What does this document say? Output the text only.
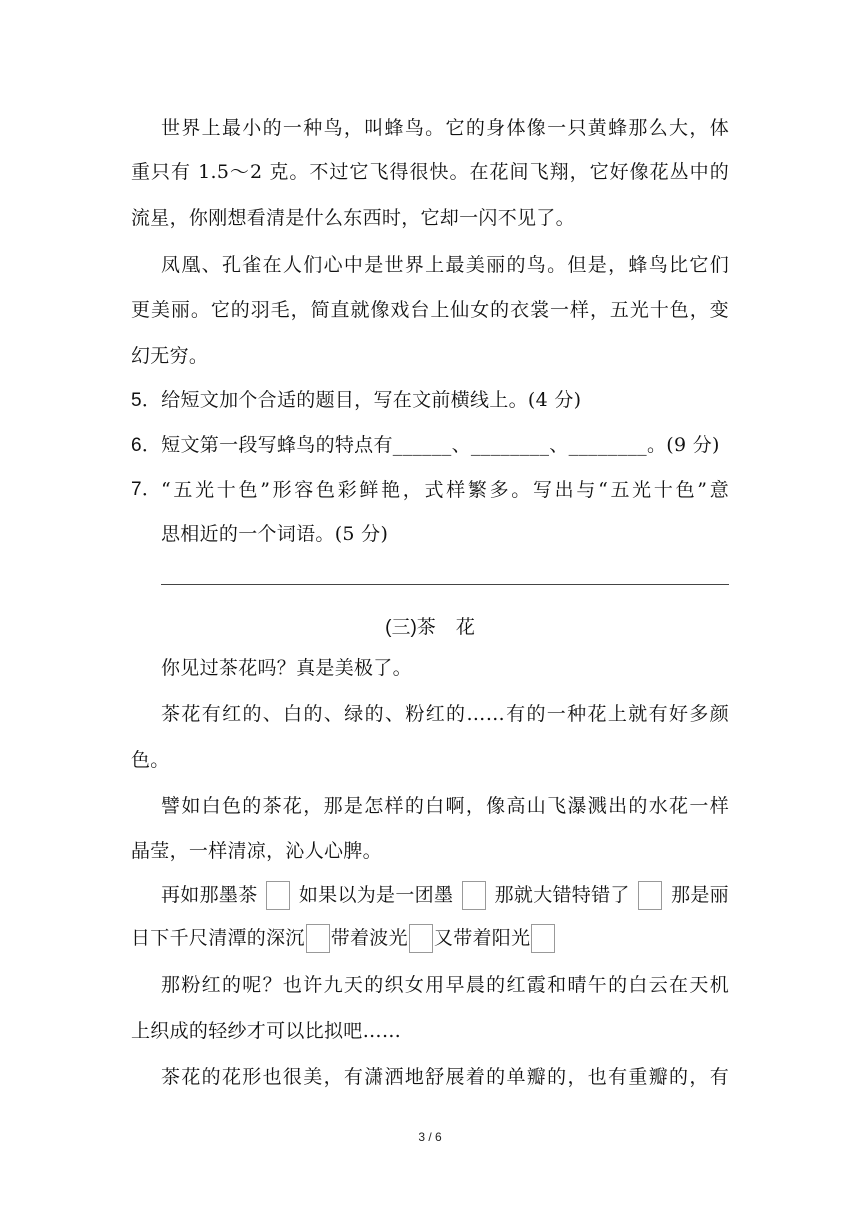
世界上最小的一种鸟，叫蜂鸟。它的身体像一只黄蜂那么大，体
重只有 1.5～2 克。不过它飞得很快。在花间飞翔，它好像花丛中的
流星，你刚想看清是什么东西时，它却一闪不见了。
凤凰、孔雀在人们心中是世界上最美丽的鸟。但是，蜂鸟比它们
更美丽。它的羽毛，简直就像戏台上仙女的衣裳一样，五光十色，变
幻无穷。
5．给短文加个合适的题目，写在文前横线上。(4 分)
6．短文第一段写蜂鸟的特点有______、________、________。(9 分)
7． “五光十色”形容色彩鲜艳，式样繁多。写出与“五光十色”意
思相近的一个词语。(5 分)
(三)茶 花
你见过茶花吗？真是美极了。
茶花有红的、白的、绿的、粉红的……有的一种花上就有好多颜
色。
譬如白色的茶花，那是怎样的白啊，像高山飞瀑溅出的水花一样
晶莹，一样清凉，沁人心脾。
再如那墨茶 如果以为是一团墨 那就大错特错了 那是丽
日下千尺清潭的深沉 带着波光 又带着阳光
那粉红的呢？也许九天的织女用早晨的红霞和晴午的白云在天机
上织成的轻纱才可以比拟吧……
茶花的花形也很美，有潇洒地舒展着的单瓣的，也有重瓣的，有
3 / 6
